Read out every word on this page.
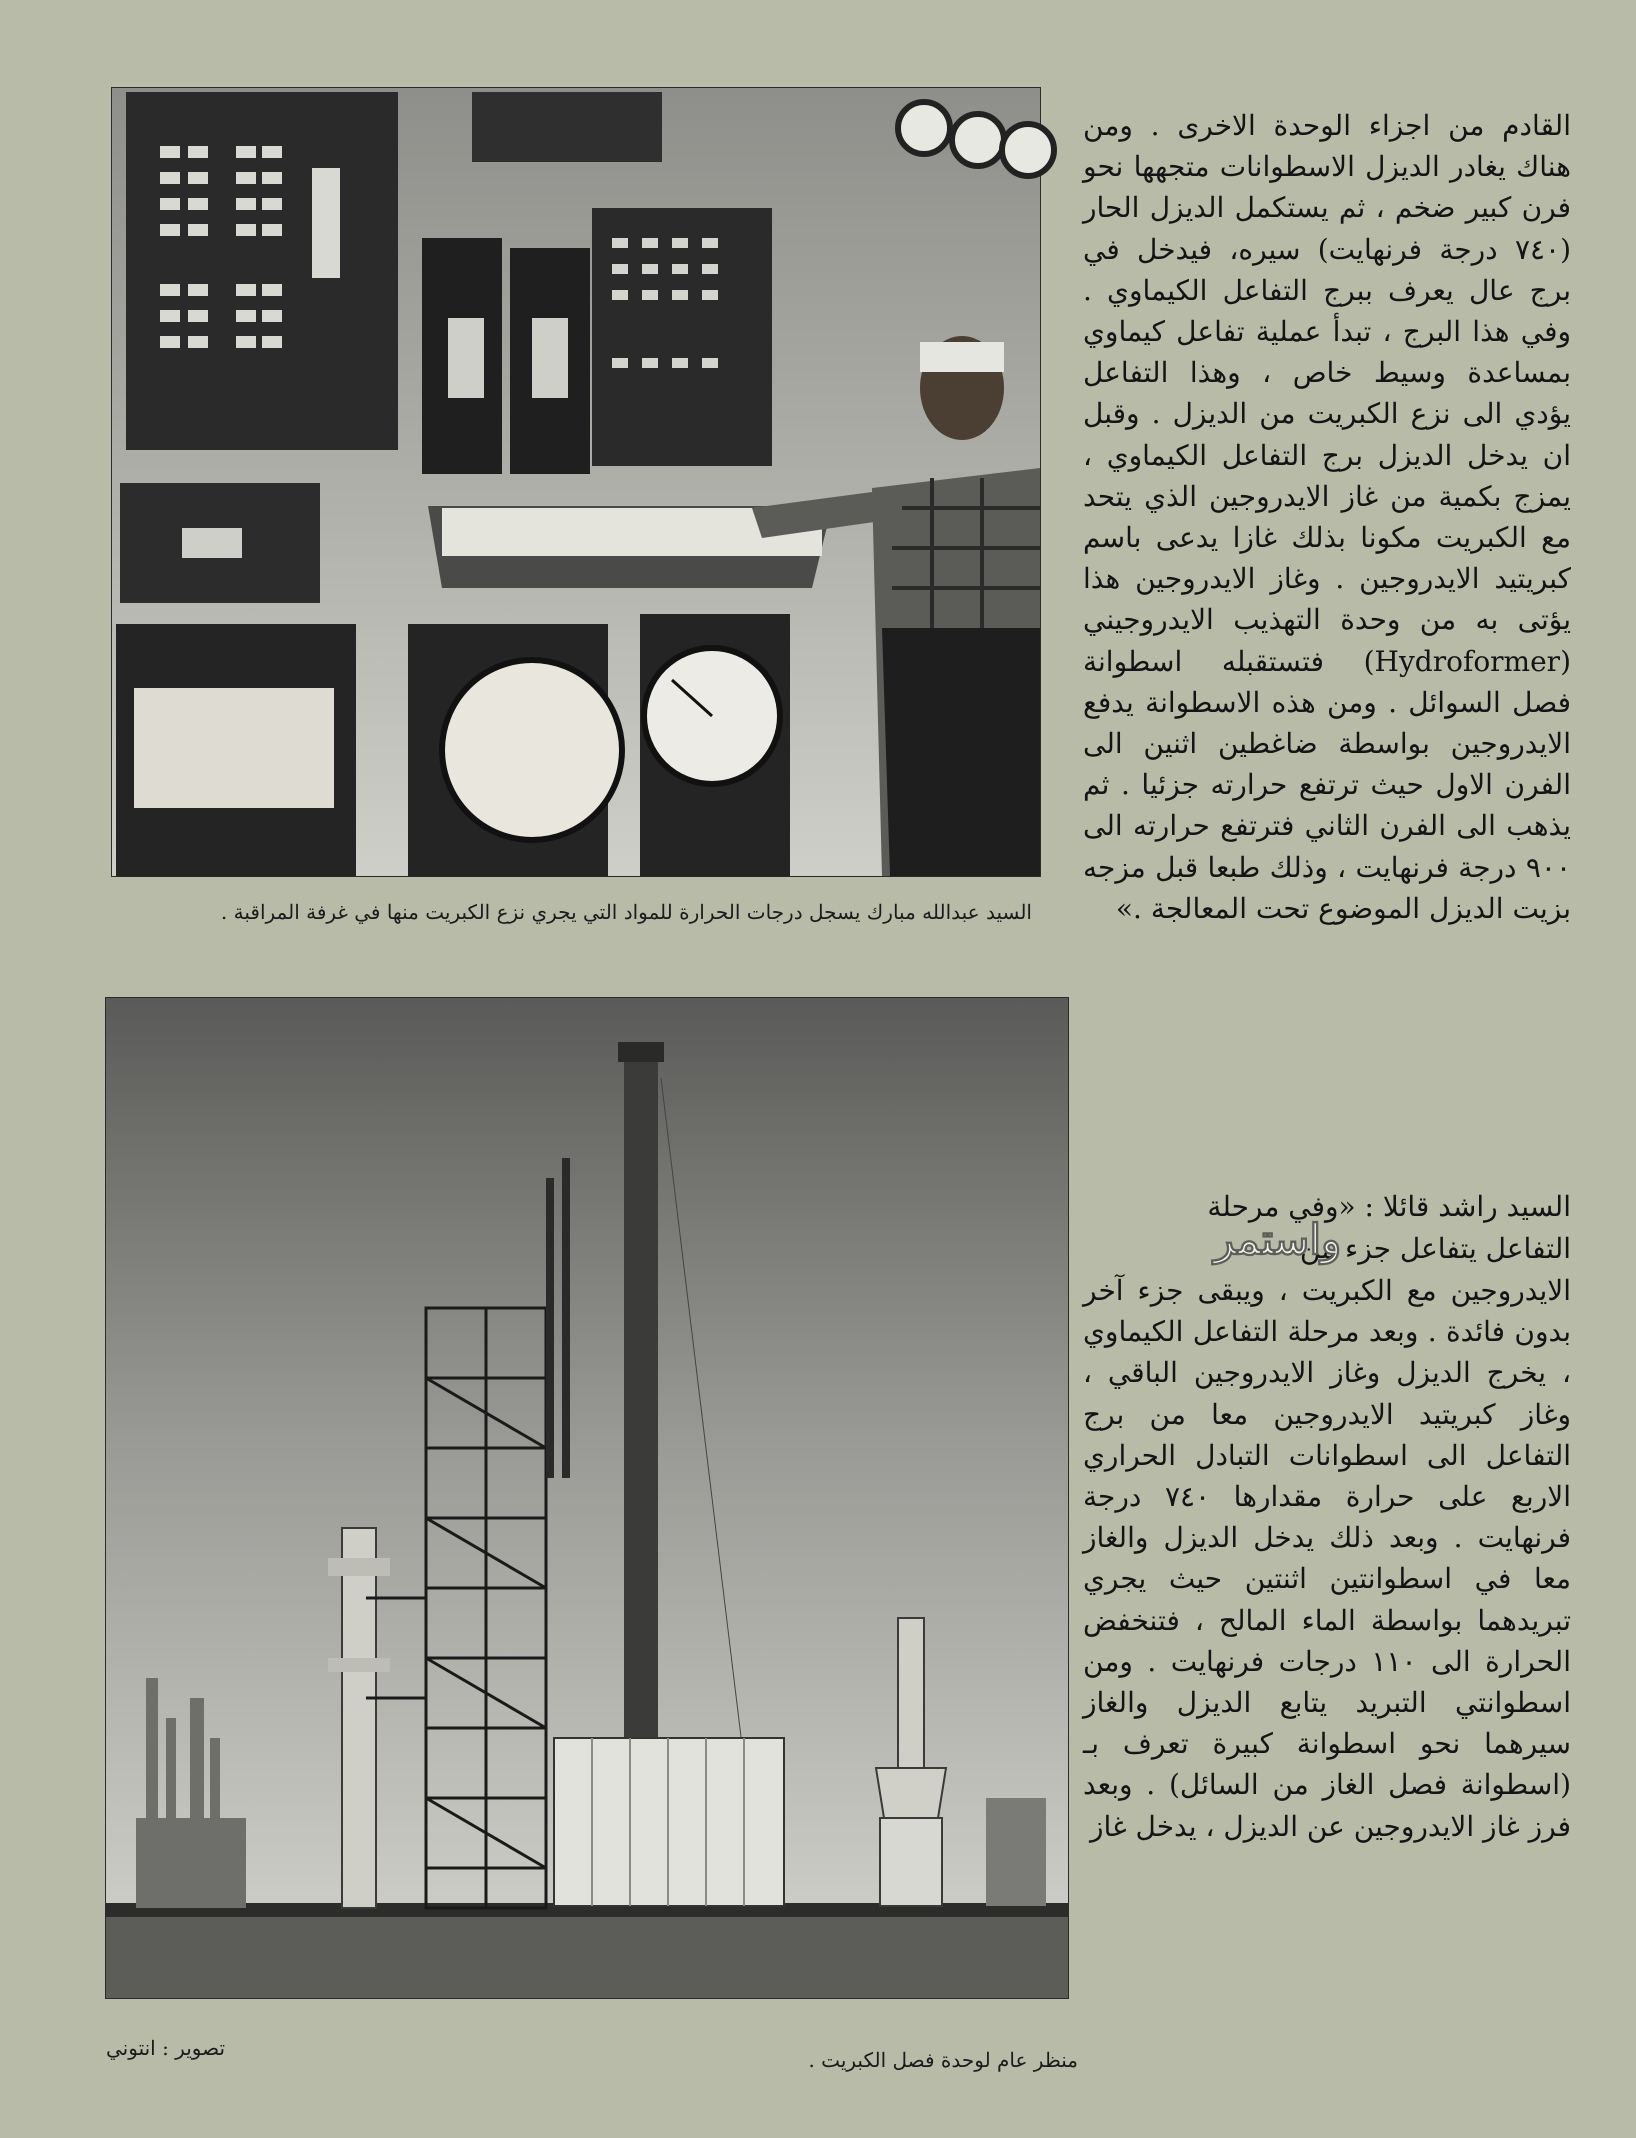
السيد عبدالله مبارك يسجل درجات الحرارة للمواد التي يجري نزع الكبريت منها في غرفة المراقبة .
منظر عام لوحدة فصل الكبريت .
تصوير : انتوني
القادم من اجزاء الوحدة الاخرى . ومن هناك يغادر الديزل الاسطوانات متجهها نحو فرن كبير ضخم ، ثم يستكمل الديزل الحار (٧٤٠ درجة فرنهايت) سيره، فيدخل في برج عال يعرف ببرج التفاعل الكيماوي . وفي هذا البرج ، تبدأ عملية تفاعل كيماوي بمساعدة وسيط خاص ، وهذا التفاعل يؤدي الى نزع الكبريت من الديزل . وقبل ان يدخل الديزل برج التفاعل الكيماوي ، يمزج بكمية من غاز الايدروجين الذي يتحد مع الكبريت مكونا بذلك غازا يدعى باسم كبريتيد الايدروجين . وغاز الايدروجين هذا يؤتى به من وحدة التهذيب الايدروجيني (Hydroformer) فتستقبله اسطوانة فصل السوائل . ومن هذه الاسطوانة يدفع الايدروجين بواسطة ضاغطين اثنين الى الفرن الاول حيث ترتفع حرارته جزئيا . ثم يذهب الى الفرن الثاني فترتفع حرارته الى ٩٠٠ درجة فرنهايت ، وذلك طبعا قبل مزجه بزيت الديزل الموضوع تحت المعالجة .»
السيد راشد قائلا : «وفي مرحلة
التفاعل يتفاعل جزء من
واستمر
الايدروجين مع الكبريت ، ويبقى جزء آخر بدون فائدة . وبعد مرحلة التفاعل الكيماوي ، يخرج الديزل وغاز الايدروجين الباقي ، وغاز كبريتيد الايدروجين معا من برج التفاعل الى اسطوانات التبادل الحراري الاربع على حرارة مقدارها ٧٤٠ درجة فرنهايت . وبعد ذلك يدخل الديزل والغاز معا في اسطوانتين اثنتين حيث يجري تبريدهما بواسطة الماء المالح ، فتنخفض الحرارة الى ١١٠ درجات فرنهايت . ومن اسطوانتي التبريد يتابع الديزل والغاز سيرهما نحو اسطوانة كبيرة تعرف بـ (اسطوانة فصل الغاز من السائل) . وبعد فرز غاز الايدروجين عن الديزل ، يدخل غاز
